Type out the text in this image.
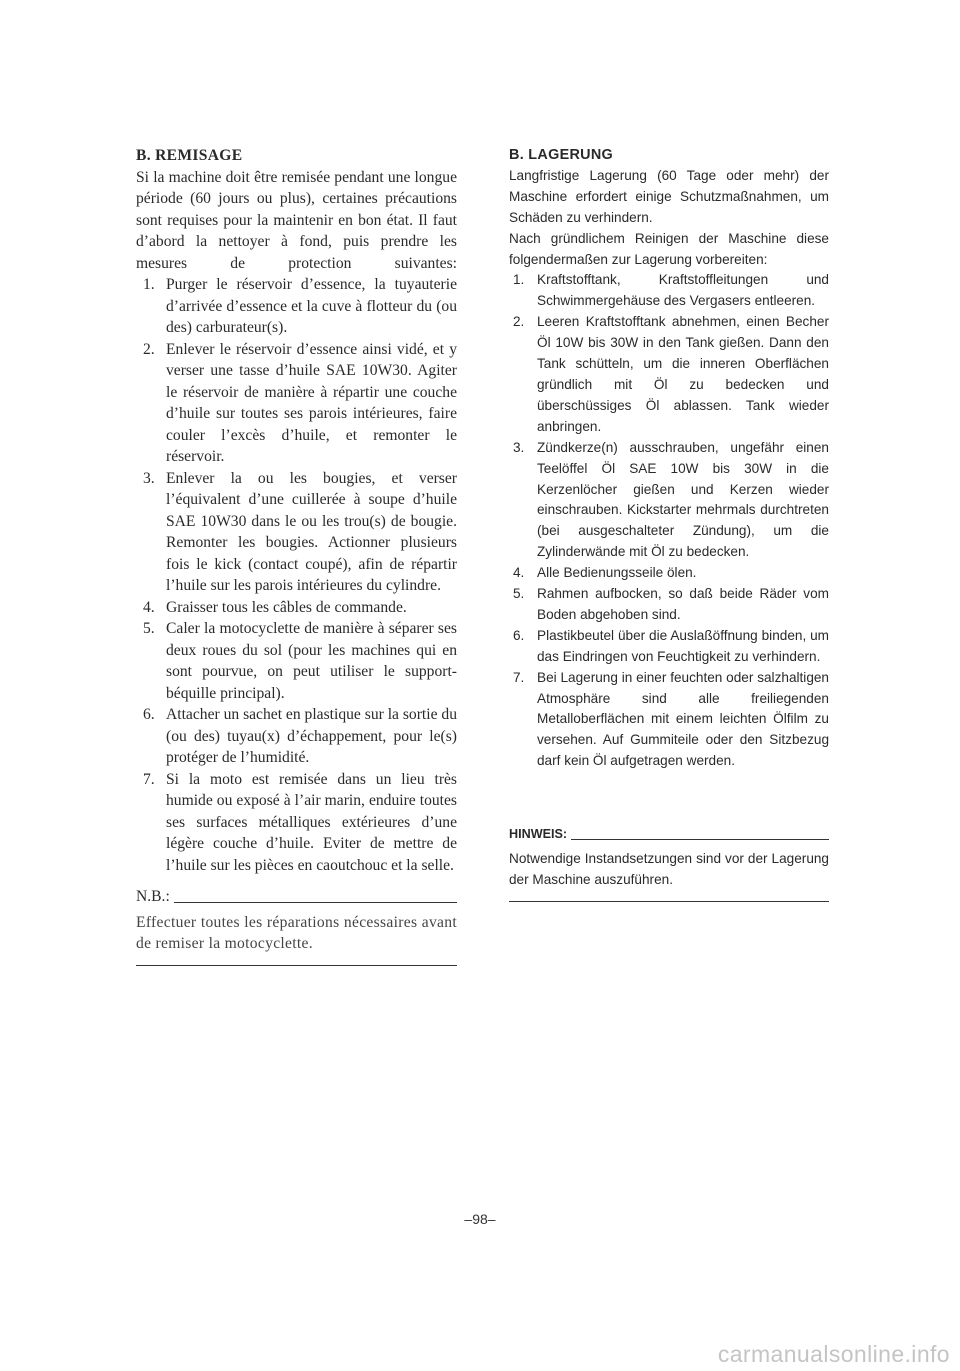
B. REMISAGE
Si la machine doit être remisée pendant une longue période (60 jours ou plus), certaines précautions sont requises pour la maintenir en bon état. Il faut d’abord la nettoyer à fond, puis prendre les mesures de protection suivantes:
1. Purger le réservoir d’essence, la tuyauterie d’arrivée d’essence et la cuve à flotteur du (ou des) carburateur(s).
2. Enlever le réservoir d’essence ainsi vidé, et y verser une tasse d’huile SAE 10W30. Agiter le réservoir de manière à répartir une couche d’huile sur toutes ses parois intérieures, faire couler l’excès d’huile, et remonter le réservoir.
3. Enlever la ou les bougies, et verser l’équivalent d’une cuillerée à soupe d’huile SAE 10W30 dans le ou les trou(s) de bougie. Remonter les bougies. Actionner plusieurs fois le kick (contact coupé), afin de répartir l’huile sur les parois intérieures du cylindre.
4. Graisser tous les câbles de commande.
5. Caler la motocyclette de manière à séparer ses deux roues du sol (pour les machines qui en sont pourvue, on peut utiliser le support-béquille principal).
6. Attacher un sachet en plastique sur la sortie du (ou des) tuyau(x) d’échappement, pour le(s) protéger de l’humidité.
7. Si la moto est remisée dans un lieu très humide ou exposé à l’air marin, enduire toutes ses surfaces métalliques extérieures d’une légère couche d’huile. Eviter de mettre de l’huile sur les pièces en caoutchouc et la selle.
N.B.:
Effectuer toutes les réparations nécessaires avant de remiser la motocyclette.
B. LAGERUNG
Langfristige Lagerung (60 Tage oder mehr) der Maschine erfordert einige Schutzmaßnahmen, um Schäden zu verhindern.
Nach gründlichem Reinigen der Maschine diese folgendermaßen zur Lagerung vorbereiten:
1. Kraftstofftank, Kraftstoffleitungen und Schwimmergehäuse des Vergasers entleeren.
2. Leeren Kraftstofftank abnehmen, einen Becher Öl 10W bis 30W in den Tank gießen. Dann den Tank schütteln, um die inneren Oberflächen gründlich mit Öl zu bedecken und überschüssiges Öl ablassen. Tank wieder anbringen.
3. Zündkerze(n) ausschrauben, ungefähr einen Teelöffel Öl SAE 10W bis 30W in die Kerzenlöcher gießen und Kerzen wieder einschrauben. Kickstarter mehrmals durchtreten (bei ausgeschalteter Zündung), um die Zylinderwände mit Öl zu bedecken.
4. Alle Bedienungsseile ölen.
5. Rahmen aufbocken, so daß beide Räder vom Boden abgehoben sind.
6. Plastikbeutel über die Auslaßöffnung binden, um das Eindringen von Feuchtigkeit zu verhindern.
7. Bei Lagerung in einer feuchten oder salzhaltigen Atmosphäre sind alle freiliegenden Metalloberflächen mit einem leichten Ölfilm zu versehen. Auf Gummiteile oder den Sitzbezug darf kein Öl aufgetragen werden.
HINWEIS:
Notwendige Instandsetzungen sind vor der Lagerung der Maschine auszuführen.
–98–
carmanualsonline.info
